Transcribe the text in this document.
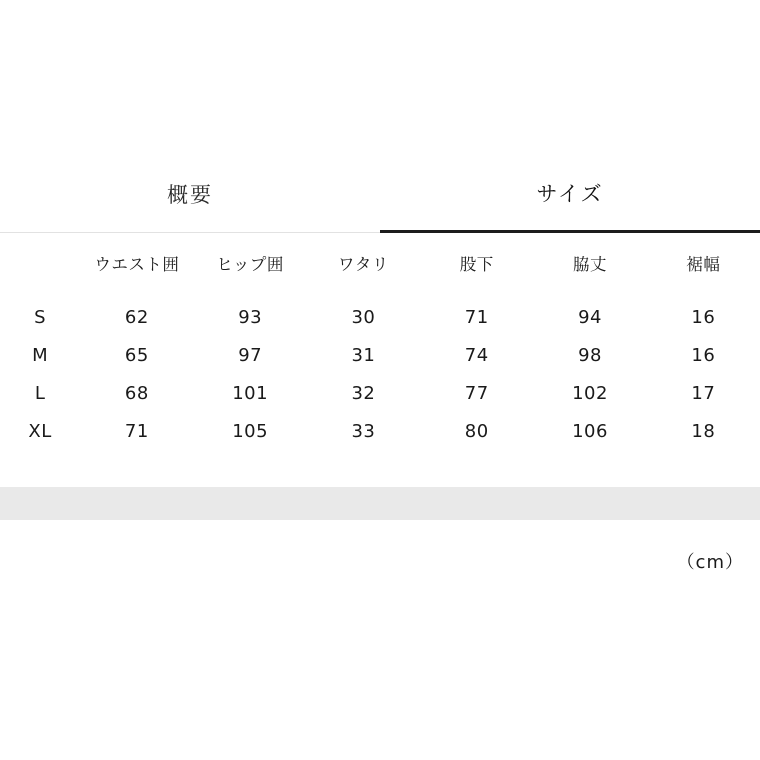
概要	サイズ
	ウエスト囲	ヒップ囲	ワタリ	股下	脇丈	裾幅
S	62	93	30	71	94	16
M	65	97	31	74	98	16
L	68	101	32	77	102	17
XL	71	105	33	80	106	18
（cm）
